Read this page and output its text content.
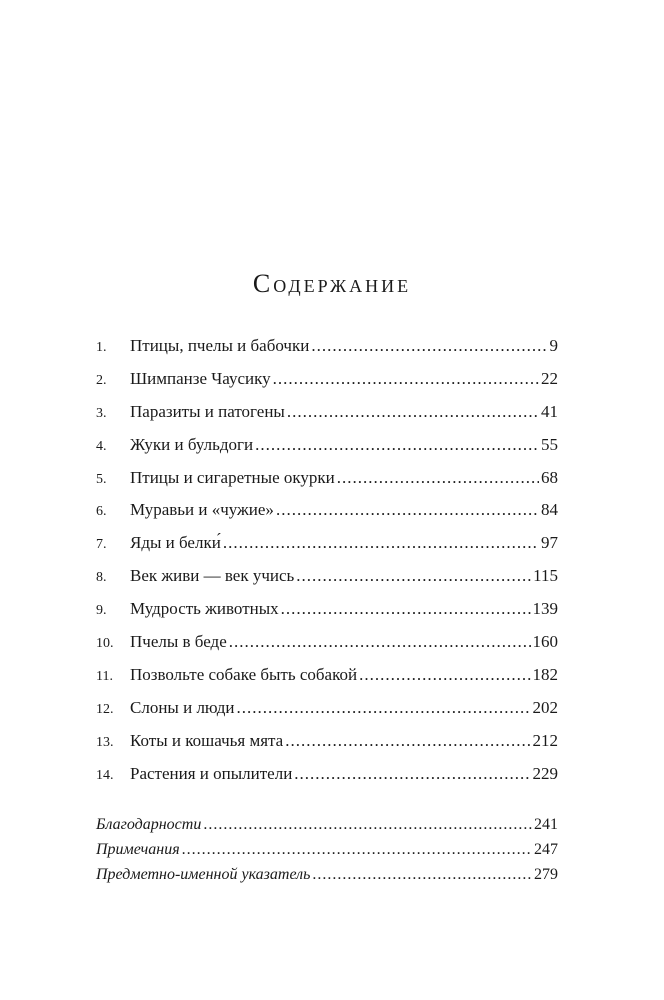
Содержание
1.	Птицы, пчелы и бабочки .....	9
2.	Шимпанзе Чаусику .....	22
3.	Паразиты и патогены .....	41
4.	Жуки и бульдоги .....	55
5.	Птицы и сигаретные окурки .....	68
6.	Муравьи и «чужие» .....	84
7.	Яды и белки́ .....	97
8.	Век живи — век учись .....	115
9.	Мудрость животных .....	139
10. Пчелы в беде .....	160
11.	Позвольте собаке быть собакой .....	182
12. Слоны и люди .....	202
13. Коты и кошачья мята .....	212
14. Растения и опылители .....	229
Благодарности .....	241
Примечания .....	247
Предметно-именной указатель .....	279
